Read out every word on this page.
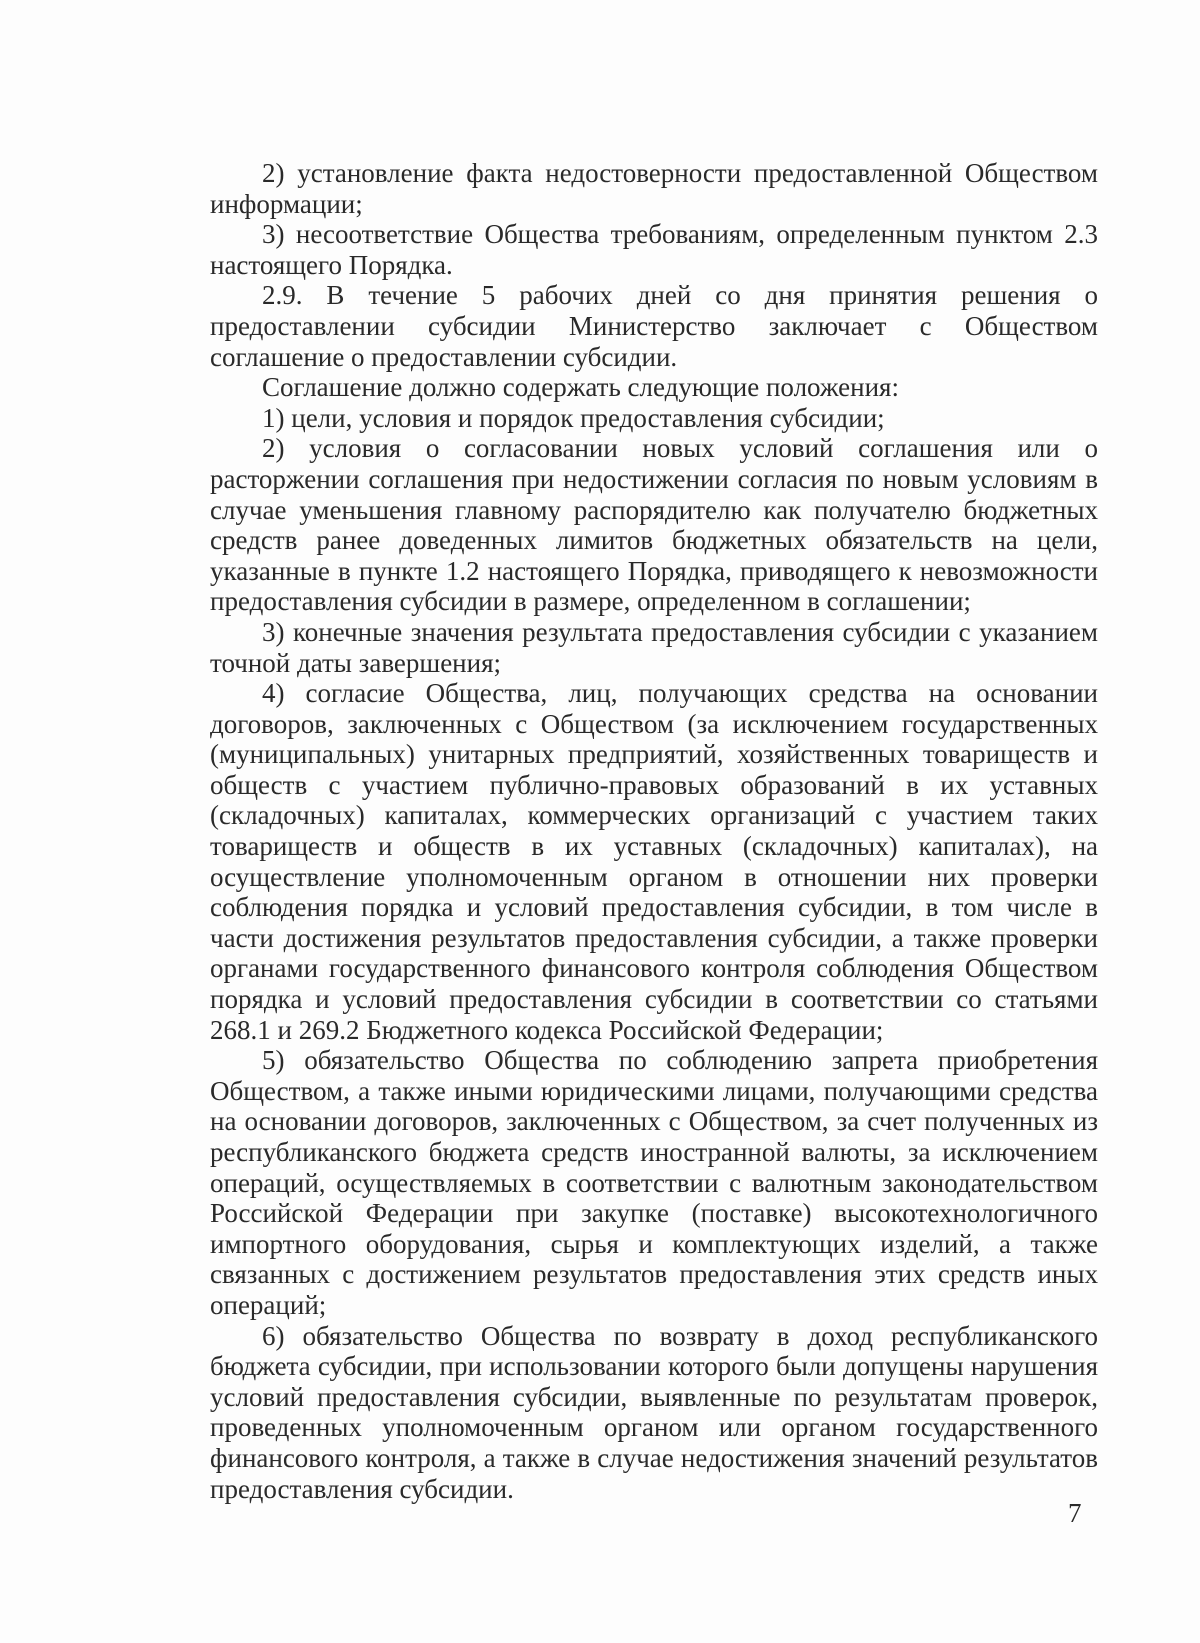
2) установление факта недостоверности предоставленной Обществом информации;

3) несоответствие Общества требованиям, определенным пунктом 2.3 настоящего Порядка.

2.9. В течение 5 рабочих дней со дня принятия решения о предоставлении субсидии Министерство заключает с Обществом соглашение о предоставлении субсидии.

Соглашение должно содержать следующие положения:

1) цели, условия и порядок предоставления субсидии;

2) условия о согласовании новых условий соглашения или о расторжении соглашения при недостижении согласия по новым условиям в случае уменьшения главному распорядителю как получателю бюджетных средств ранее доведенных лимитов бюджетных обязательств на цели, указанные в пункте 1.2 настоящего Порядка, приводящего к невозможности предоставления субсидии в размере, определенном в соглашении;

3) конечные значения результата предоставления субсидии с указанием точной даты завершения;

4) согласие Общества, лиц, получающих средства на основании договоров, заключенных с Обществом (за исключением государственных (муниципальных) унитарных предприятий, хозяйственных товариществ и обществ с участием публично-правовых образований в их уставных (складочных) капиталах, коммерческих организаций с участием таких товариществ и обществ в их уставных (складочных) капиталах), на осуществление уполномоченным органом в отношении них проверки соблюдения порядка и условий предоставления субсидии, в том числе в части достижения результатов предоставления субсидии, а также проверки органами государственного финансового контроля соблюдения Обществом порядка и условий предоставления субсидии в соответствии со статьями 268.1 и 269.2 Бюджетного кодекса Российской Федерации;

5) обязательство Общества по соблюдению запрета приобретения Обществом, а также иными юридическими лицами, получающими средства на основании договоров, заключенных с Обществом, за счет полученных из республиканского бюджета средств иностранной валюты, за исключением операций, осуществляемых в соответствии с валютным законодательством Российской Федерации при закупке (поставке) высокотехнологичного импортного оборудования, сырья и комплектующих изделий, а также связанных с достижением результатов предоставления этих средств иных операций;

6) обязательство Общества по возврату в доход республиканского бюджета субсидии, при использовании которого были допущены нарушения условий предоставления субсидии, выявленные по результатам проверок, проведенных уполномоченным органом или органом государственного финансового контроля, а также в случае недостижения значений результатов предоставления субсидии.

7
